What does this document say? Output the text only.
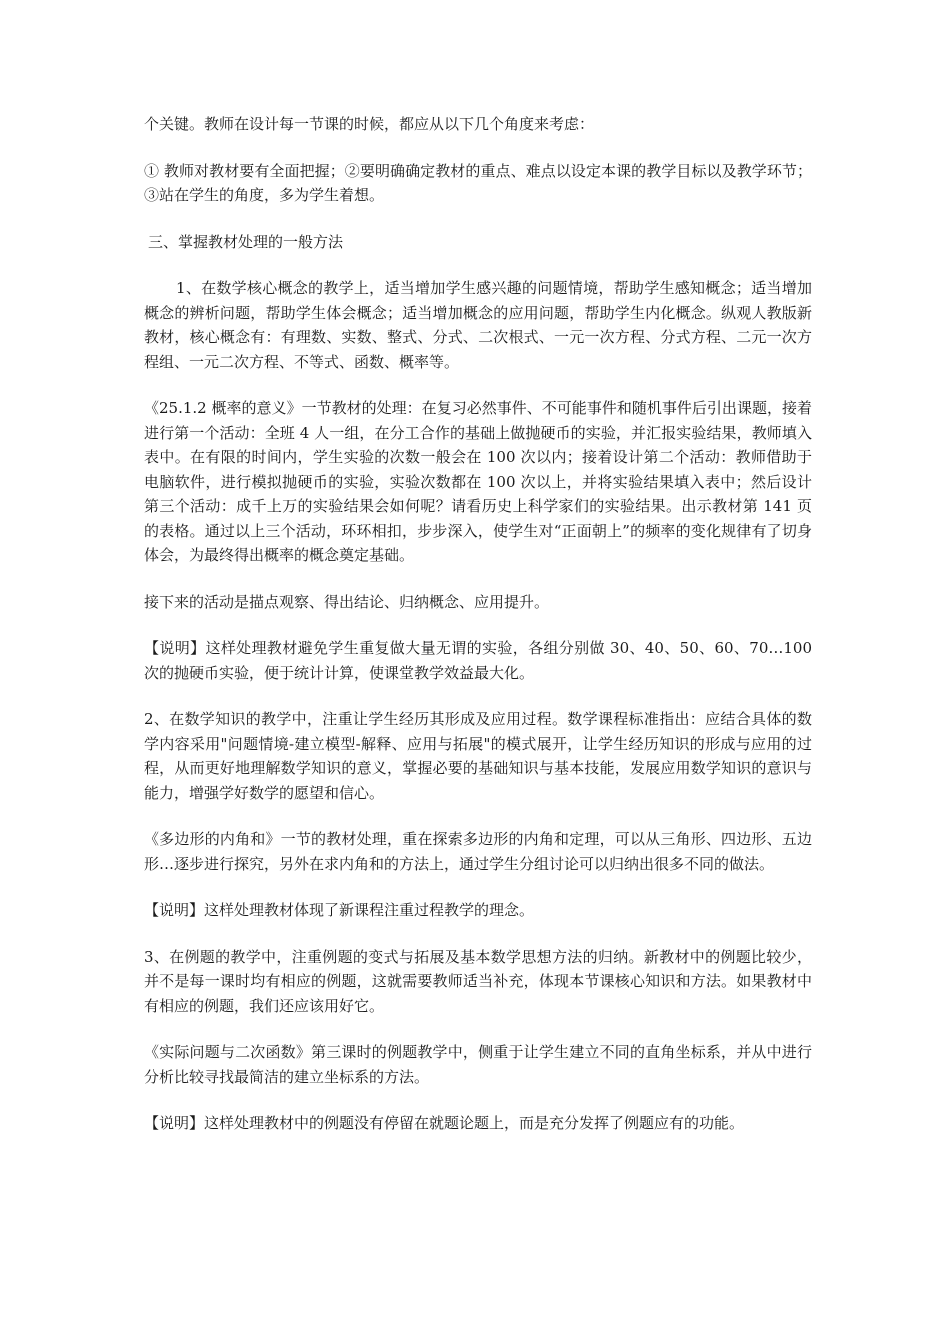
个关键。教师在设计每一节课的时候，都应从以下几个角度来考虑：

① 教师对教材要有全面把握；②要明确确定教材的重点、难点以设定本课的教学目标以及教学环节；③站在学生的角度，多为学生着想。

三、掌握教材处理的一般方法

1、在数学核心概念的教学上，适当增加学生感兴趣的问题情境，帮助学生感知概念；适当增加概念的辨析问题，帮助学生体会概念；适当增加概念的应用问题，帮助学生内化概念。纵观人教版新教材，核心概念有：有理数、实数、整式、分式、二次根式、一元一次方程、分式方程、二元一次方程组、一元二次方程、不等式、函数、概率等。

《25.1.2 概率的意义》一节教材的处理：在复习必然事件、不可能事件和随机事件后引出课题，接着进行第一个活动：全班 4 人一组，在分工合作的基础上做抛硬币的实验，并汇报实验结果，教师填入表中。在有限的时间内，学生实验的次数一般会在 100 次以内；接着设计第二个活动：教师借助于电脑软件，进行模拟抛硬币的实验，实验次数都在 100 次以上，并将实验结果填入表中；然后设计第三个活动：成千上万的实验结果会如何呢？请看历史上科学家们的实验结果。出示教材第 141 页的表格。通过以上三个活动，环环相扣，步步深入，使学生对“正面朝上”的频率的变化规律有了切身体会，为最终得出概率的概念奠定基础。

接下来的活动是描点观察、得出结论、归纳概念、应用提升。

【说明】这样处理教材避免学生重复做大量无谓的实验，各组分别做 30、40、50、60、70…100 次的抛硬币实验，便于统计计算，使课堂教学效益最大化。

2、在数学知识的教学中，注重让学生经历其形成及应用过程。数学课程标准指出：应结合具体的数学内容采用"问题情境-建立模型-解释、应用与拓展"的模式展开，让学生经历知识的形成与应用的过程，从而更好地理解数学知识的意义，掌握必要的基础知识与基本技能，发展应用数学知识的意识与能力，增强学好数学的愿望和信心。

《多边形的内角和》一节的教材处理，重在探索多边形的内角和定理，可以从三角形、四边形、五边形…逐步进行探究，另外在求内角和的方法上，通过学生分组讨论可以归纳出很多不同的做法。

【说明】这样处理教材体现了新课程注重过程教学的理念。

3、在例题的教学中，注重例题的变式与拓展及基本数学思想方法的归纳。新教材中的例题比较少，并不是每一课时均有相应的例题，这就需要教师适当补充，体现本节课核心知识和方法。如果教材中有相应的例题，我们还应该用好它。

《实际问题与二次函数》第三课时的例题教学中，侧重于让学生建立不同的直角坐标系，并从中进行分析比较寻找最简洁的建立坐标系的方法。

【说明】这样处理教材中的例题没有停留在就题论题上，而是充分发挥了例题应有的功能。
